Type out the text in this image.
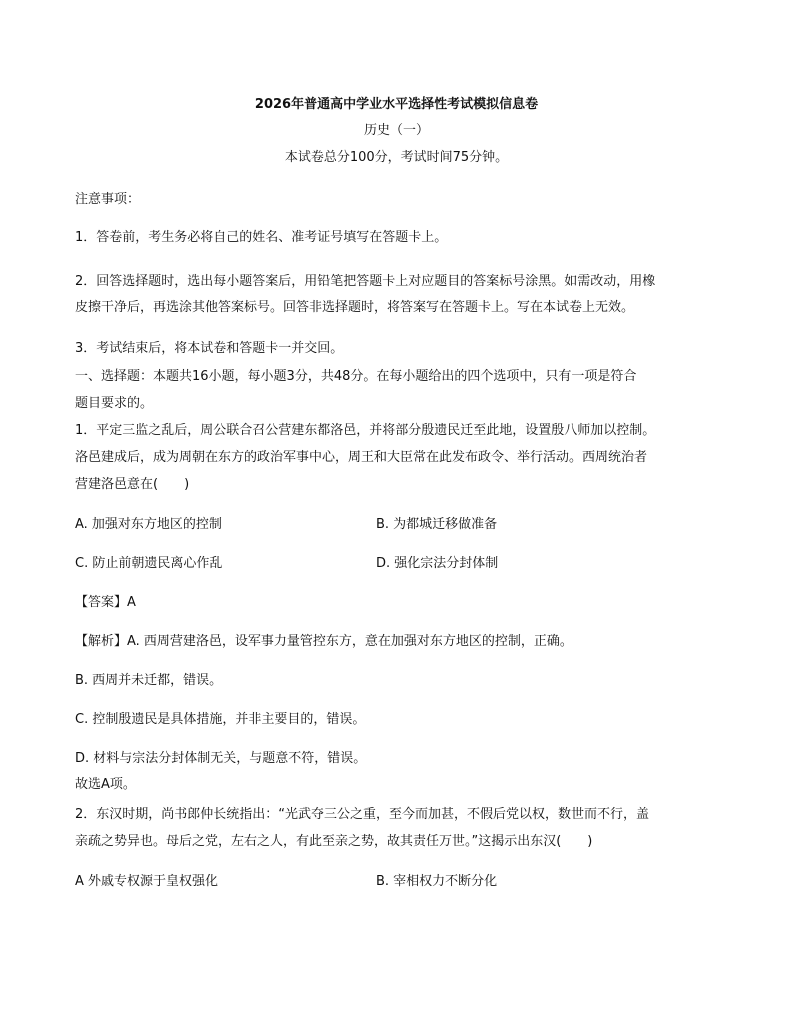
2026年普通高中学业水平选择性考试模拟信息卷
历史（一）
本试卷总分100分，考试时间75分钟。
注意事项：
1．答卷前，考生务必将自己的姓名、准考证号填写在答题卡上。
2．回答选择题时，选出每小题答案后，用铅笔把答题卡上对应题目的答案标号涂黑。如需改动，用橡
皮擦干净后，再选涂其他答案标号。回答非选择题时，将答案写在答题卡上。写在本试卷上无效。
3．考试结束后，将本试卷和答题卡一并交回。
一、选择题：本题共16小题，每小题3分，共48分。在每小题给出的四个选项中，只有一项是符合
题目要求的。
1．平定三监之乱后，周公联合召公营建东都洛邑，并将部分殷遗民迁至此地，设置殷八师加以控制。
洛邑建成后，成为周朝在东方的政治军事中心，周王和大臣常在此发布政令、举行活动。西周统治者
营建洛邑意在(　　)
A. 加强对东方地区的控制	B. 为都城迁移做准备
C. 防止前朝遗民离心作乱	D. 强化宗法分封体制
【答案】A
【解析】A. 西周营建洛邑，设军事力量管控东方，意在加强对东方地区的控制，正确。
B. 西周并未迁都，错误。
C. 控制殷遗民是具体措施，并非主要目的，错误。
D. 材料与宗法分封体制无关，与题意不符，错误。
故选A项。
2．东汉时期，尚书郎仲长统指出：“光武夺三公之重，至今而加甚，不假后党以权，数世而不行，盖
亲疏之势异也。母后之党，左右之人，有此至亲之势，故其责任万世。”这揭示出东汉(　　)
A 外戚专权源于皇权强化	B. 宰相权力不断分化
